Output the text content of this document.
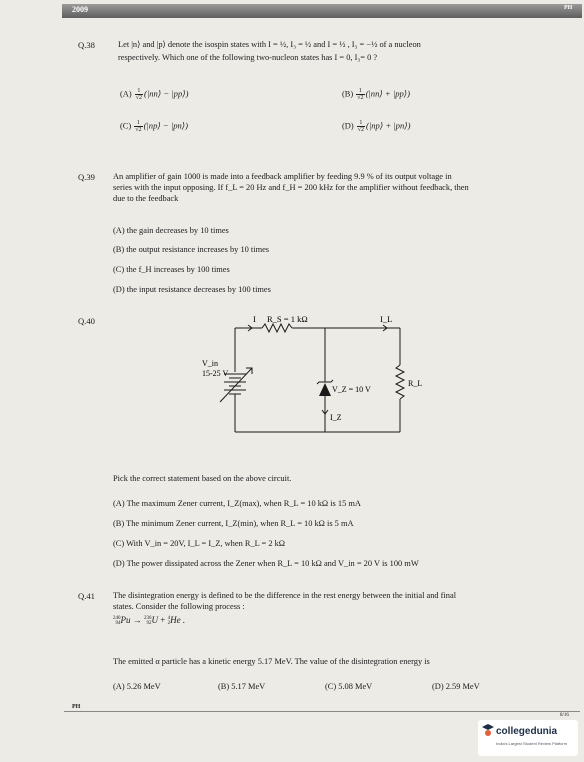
2009	PH
Q.38	Let |n⟩ and |p⟩ denote the isospin states with I = ½, I₃ = ½ and I = ½ , I₃ = −½ of a nucleon
respectively. Which one of the following two-nucleon states has I = 0, I₃= 0 ?
$(A) \frac{1}{√2}$ (|nn⟩ − |pp⟩)	$(B) \frac{1}{√2}$ (|nn⟩ + |pp⟩)
$(C) \frac{1}{√2}$ (|np⟩ − |pn⟩)	$(D) \frac{1}{√2}$ (|np⟩ + |pn⟩)
Q.39 An amplifier of gain 1000 is made into a feedback amplifier by feeding 9.9 % of its output voltage in
series with the input opposing. If f_L = 20 Hz and f_H = 200 kHz for the amplifier without feedback, then
due to the feedback
(A) the gain decreases by 10 times
(B) the output resistance increases by 10 times
(C) the f_H increases by 100 times
(D) the input resistance decreases by 100 times
Q.40	I R_S = 1 kΩ	I_L
V_in
15-25 V
V_Z = 10 V
I_Z
R_L
Pick the correct statement based on the above circuit.
(A) The maximum Zener current, I_Z(max), when R_L = 10 kΩ is 15 mA
(B) The minimum Zener current, I_Z(min), when R_L = 10 kΩ is 5 mA
(C) With V_in = 20V, I_L = I_Z, when R_L = 2 kΩ
(D) The power dissipated across the Zener when R_L = 10 kΩ and V_in = 20 V is 100 mW
Q.41 The disintegration energy is defined to be the difference in the rest energy between the initial and final
states. Consider the following process :
240
94Pu → 236
92U + 4
2He .
The emitted α particle has a kinetic energy 5.17 MeV. The value of the disintegration energy is
(A) 5.26 MeV	(B) 5.17 MeV	(C) 5.08 MeV	(D) 2.59 MeV
PH
8/16
collegedunia
India's Largest Student Review Platform
